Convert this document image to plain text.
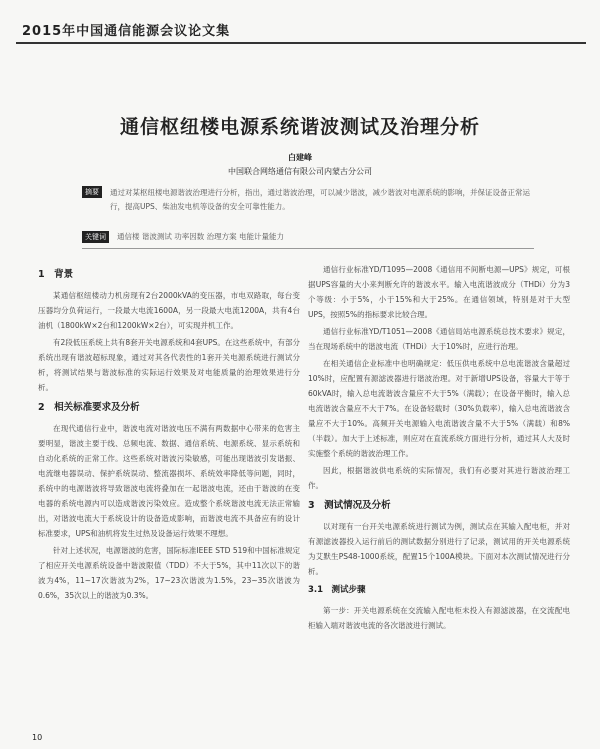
2015年中国通信能源会议论文集
通信枢纽楼电源系统谐波测试及治理分析
白建峰
中国联合网络通信有限公司内蒙古分公司
摘要	通过对某枢纽楼电源谐波治理进行分析，指出，通过谐波治理，可以减少谐波，减少谐波对电源系统的影响，并保证设备正常运行，提高UPS、柴油发电机等设备的安全可靠性能力。
关键词	通信楼 谐波测试 功率因数 治理方案 电能计量能力
1　背景
某通信枢纽楼动力机房现有2台2000kVA的变压器，市电双路取，每台变压器均分负荷运行，一段最大电流1600A，另一段最大电流1200A，共有4台油机（1800kW×2台和1200kW×2台），可实现并机工作。
有2段低压系统上共有8套开关电源系统和4套UPS。在这些系统中，有部分系统出现有谐波超标现象，通过对其各代表性的1套开关电源系统进行测试分析，将测试结果与谐波标准的实际运行效果及对电能质量的治理效果进行分析。
2　相关标准要求及分析
在现代通信行业中，谐波电流对谐波电压不满有两数据中心带来的危害主要明显，谐波主要于线、总频电流、数据、通信系统、电源系统、显示系统和自动化系统的正常工作。这些系统对谐波污染敏感，可能出现谐波引发谐振、电流继电器误动、保护系统误动、整流器损坏、系统效率降低等问题，同时，系统中的电源谐波将导致谐波电流将叠加在一起谐波电流，还由于谐波的在变电器的系统电源内可以造成谐波污染效应。造成整个系统谐波电流无法正常输出，对谐波电流大于系统设计的设备造成影响，而谐波电流不具备应有的设计标准要求，UPS和油机将发生过热及设备运行效果不理想。
针对上述状况，电源谐波的危害，国际标准IEEE STD 519和中国标准规定了相应开关电源系统设备中谐波限值（TDD）不大于5%，其中11次以下的谐波为4%，11~17次谐波为2%，17~23次谐波为1.5%，23~35次谐波为0.6%，35次以上的谐波为0.3%。
通信行业标准YD/T1095—2008《通信用不间断电源—UPS》规定，可根据UPS容量的大小来判断允许的谐波水平。输入电流谐波成分（THDi）分为3个等级：小于5%，小于15%和大于25%。在通信领域，特别是对于大型UPS，按照5%的指标要求比较合理。
通信行业标准YD/T1051—2008《通信局站电源系统总技术要求》规定，当在现场系统中的谐波电流（THDi）大于10%时，应进行治理。
在相关通信企业标准中也明确规定：低压供电系统中总电流谐波含量超过10%时，应配置有源滤波器进行谐波治理。对于新增UPS设备，容量大于等于60kVA时，输入总电流谐波含量应不大于5%（满载）；在设备平衡时，输入总电流谐波含量应不大于7%。在设备轻载时（30%负载率），输入总电流谐波含量应不大于10%。高频开关电源输入电流谐波含量不大于5%（满载）和8%（半载）。加大于上述标准，则应对在直流系统方面进行分析，通过其人大及时实施整个系统的谐波治理工作。
因此，根据谐波供电系统的实际情况，我们有必要对其进行谐波治理工作。
3　测试情况及分析
以对现有一台开关电源系统进行测试为例，测试点在其输入配电柜，并对有源滤波器投入运行前后的测试数据分别进行了记录，测试用的开关电源系统为艾默生PS48-1000系统，配置15个100A模块。下面对本次测试情况进行分析。
3.1　测试步骤
第一步：开关电源系统在交流输入配电柜未投入有源滤波器，在交流配电柜输入端对谐波电流的各次谐波进行测试。
10
